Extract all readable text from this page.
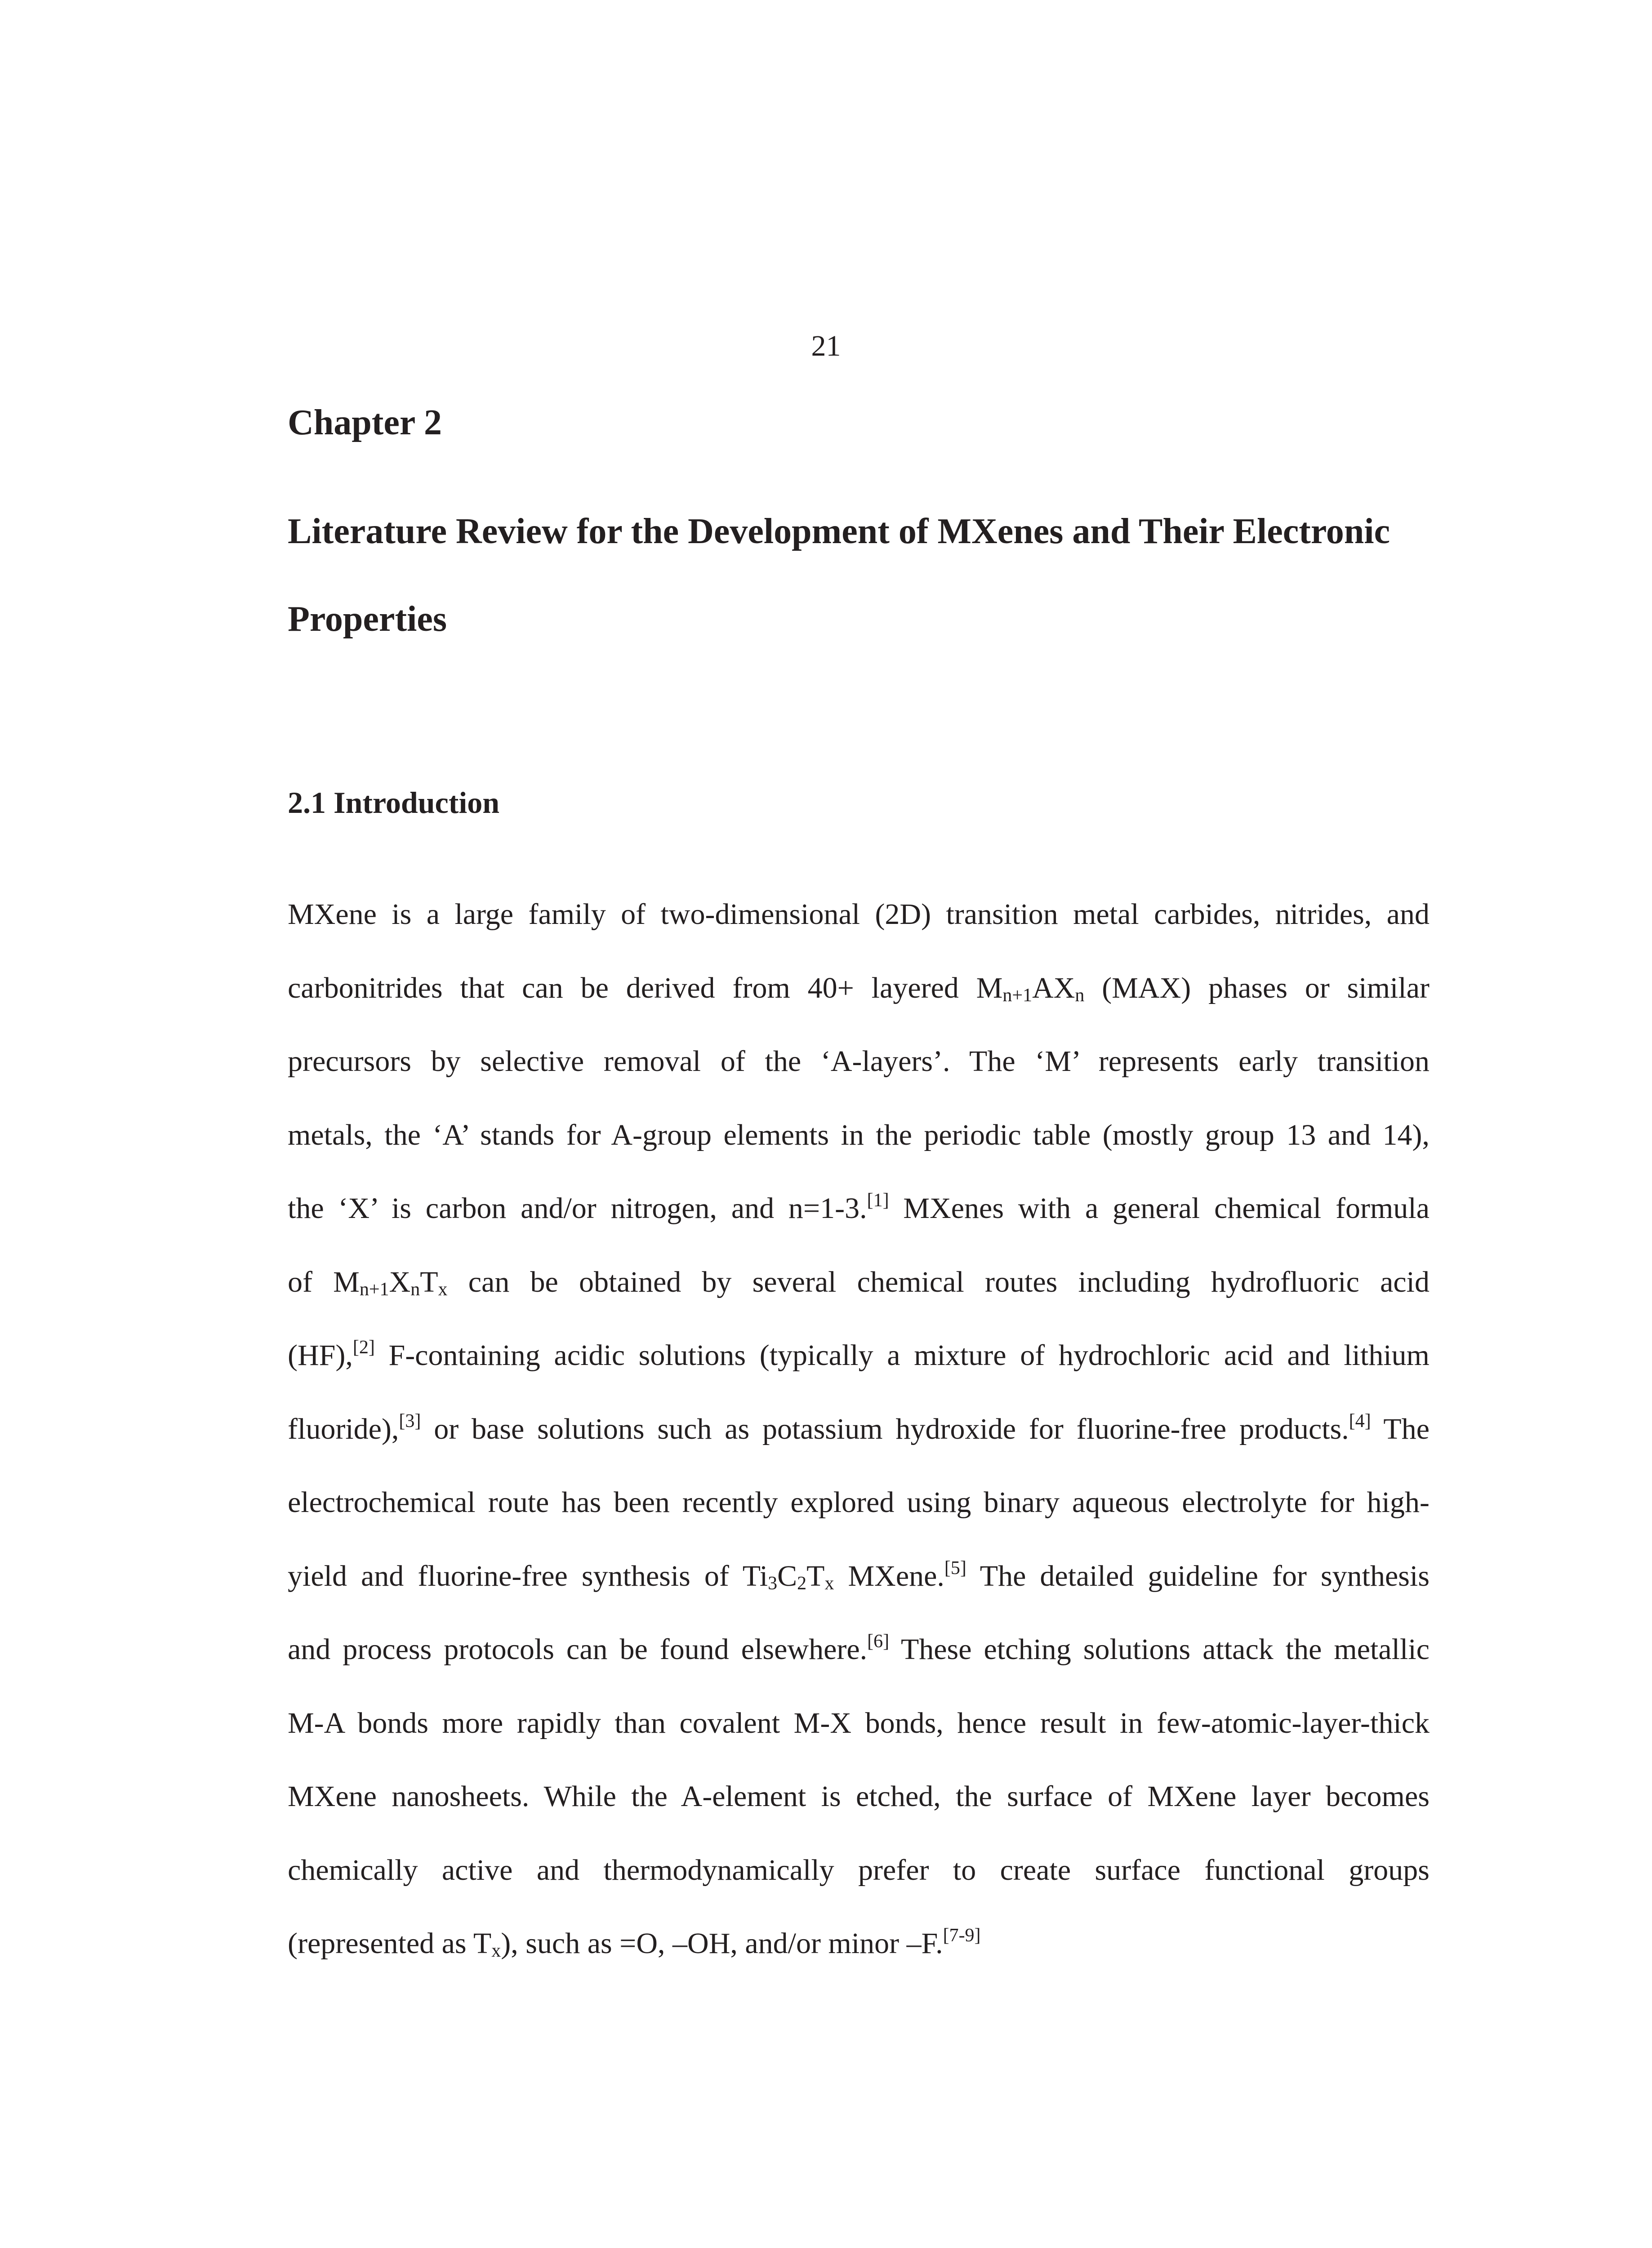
21
Chapter 2
Literature Review for the Development of MXenes and Their Electronic
Properties
2.1 Introduction
MXene is a large family of two-dimensional (2D) transition metal carbides, nitrides, and
carbonitrides that can be derived from 40+ layered Mn+1AXn (MAX) phases or similar
precursors by selective removal of the ‘A-layers’. The ‘M’ represents early transition
metals, the ‘A’ stands for A-group elements in the periodic table (mostly group 13 and 14),
the ‘X’ is carbon and/or nitrogen, and n=1-3.[1] MXenes with a general chemical formula
of Mn+1XnTx can be obtained by several chemical routes including hydrofluoric acid
(HF),[2] F-containing acidic solutions (typically a mixture of hydrochloric acid and lithium
fluoride),[3] or base solutions such as potassium hydroxide for fluorine-free products.[4] The
electrochemical route has been recently explored using binary aqueous electrolyte for high-
yield and fluorine-free synthesis of Ti3C2Tx MXene.[5] The detailed guideline for synthesis
and process protocols can be found elsewhere.[6] These etching solutions attack the metallic
M-A bonds more rapidly than covalent M-X bonds, hence result in few-atomic-layer-thick
MXene nanosheets. While the A-element is etched, the surface of MXene layer becomes
chemically active and thermodynamically prefer to create surface functional groups
(represented as Tx), such as =O, –OH, and/or minor –F.[7-9]
